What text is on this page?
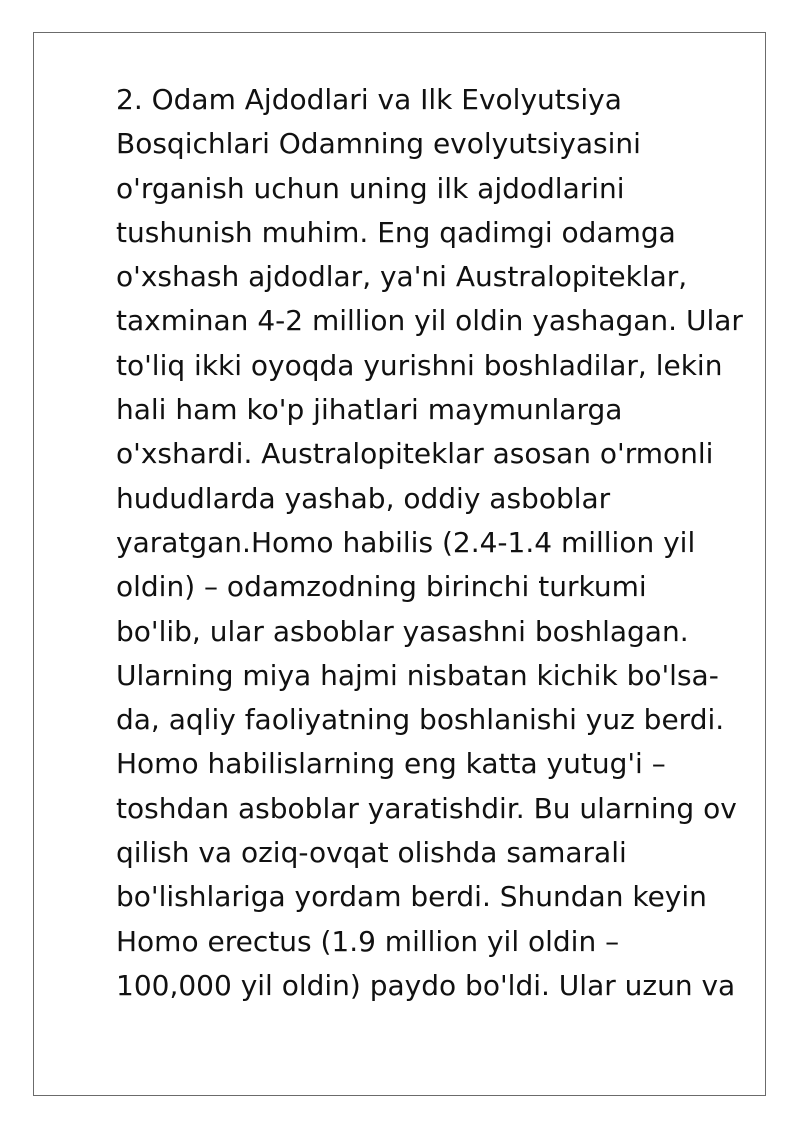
2. Odam Ajdodlari va Ilk Evolyutsiya
Bosqichlari Odamning evolyutsiyasini
o'rganish uchun uning ilk ajdodlarini
tushunish muhim. Eng qadimgi odamga
o'xshash ajdodlar, ya'ni Australopiteklar,
taxminan 4-2 million yil oldin yashagan. Ular
to'liq ikki oyoqda yurishni boshladilar, lekin
hali ham ko'p jihatlari maymunlarga
o'xshardi. Australopiteklar asosan o'rmonli
hududlarda yashab, oddiy asboblar
yaratgan.Homo habilis (2.4-1.4 million yil
oldin) – odamzodning birinchi turkumi
bo'lib, ular asboblar yasashni boshlagan.
Ularning miya hajmi nisbatan kichik bo'lsa-
da, aqliy faoliyatning boshlanishi yuz berdi.
Homo habilislarning eng katta yutug'i –
toshdan asboblar yaratishdir. Bu ularning ov
qilish va oziq-ovqat olishda samarali
bo'lishlariga yordam berdi. Shundan keyin
Homo erectus (1.9 million yil oldin –
100,000 yil oldin) paydo bo'ldi. Ular uzun va
